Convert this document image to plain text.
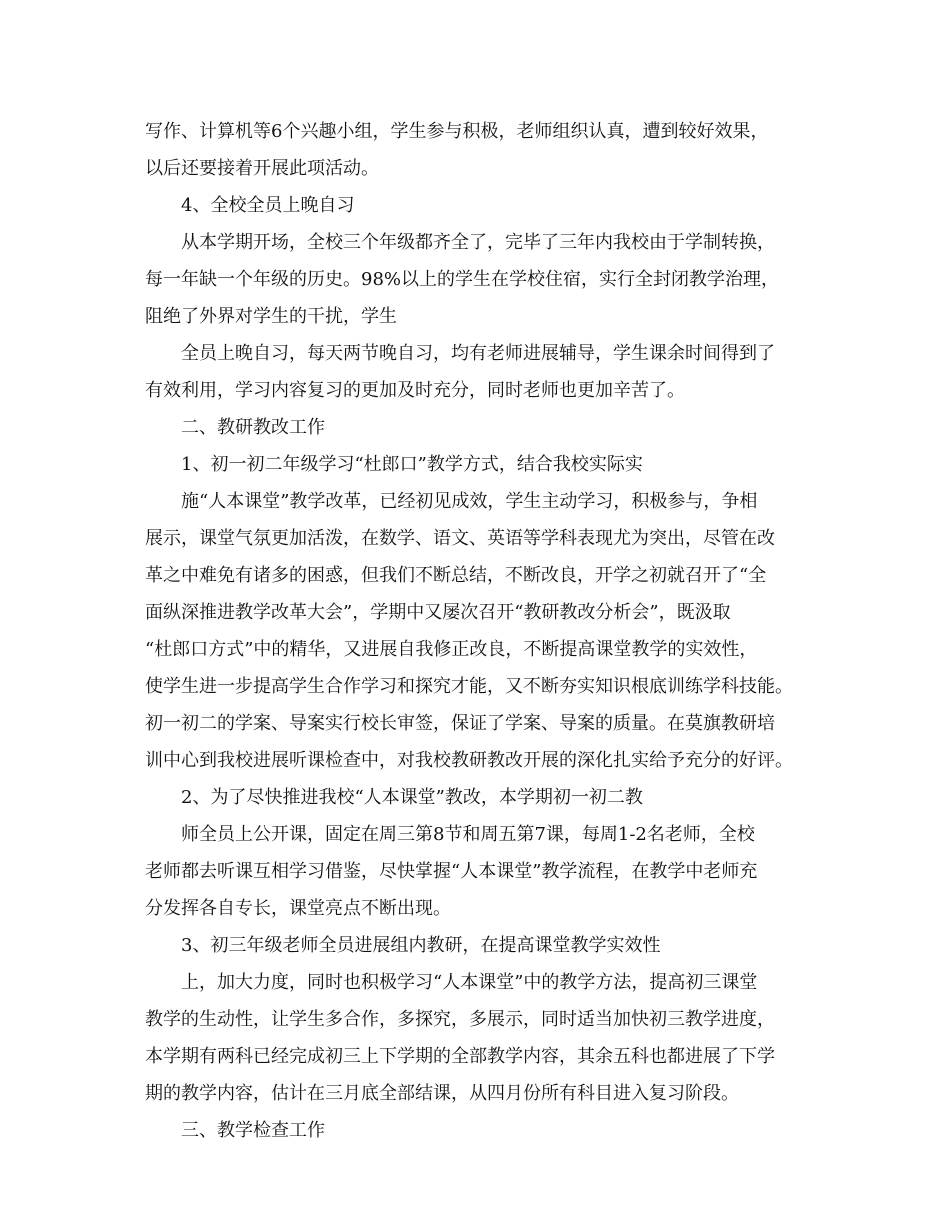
写作、计算机等6个兴趣小组，学生参与积极，老师组织认真，遭到较好效果，
以后还要接着开展此项活动。
4、全校全员上晚自习
从本学期开场，全校三个年级都齐全了，完毕了三年内我校由于学制转换，
每一年缺一个年级的历史。98%以上的学生在学校住宿，实行全封闭教学治理，
阻绝了外界对学生的干扰，学生
全员上晚自习，每天两节晚自习，均有老师进展辅导，学生课余时间得到了
有效利用，学习内容复习的更加及时充分，同时老师也更加辛苦了。
二、教研教改工作
1、初一初二年级学习“杜郎口”教学方式，结合我校实际实
施“人本课堂”教学改革，已经初见成效，学生主动学习，积极参与，争相
展示，课堂气氛更加活泼，在数学、语文、英语等学科表现尤为突出，尽管在改
革之中难免有诸多的困惑，但我们不断总结，不断改良，开学之初就召开了“全
面纵深推进教学改革大会”，学期中又屡次召开“教研教改分析会”，既汲取
“杜郎口方式”中的精华，又进展自我修正改良，不断提高课堂教学的实效性，
使学生进一步提高学生合作学习和探究才能，又不断夯实知识根底训练学科技能。
初一初二的学案、导案实行校长审签，保证了学案、导案的质量。在莫旗教研培
训中心到我校进展听课检查中，对我校教研教改开展的深化扎实给予充分的好评。
2、为了尽快推进我校“人本课堂”教改，本学期初一初二教
师全员上公开课，固定在周三第8节和周五第7课，每周1-2名老师，全校
老师都去听课互相学习借鉴，尽快掌握“人本课堂”教学流程，在教学中老师充
分发挥各自专长，课堂亮点不断出现。
3、初三年级老师全员进展组内教研，在提高课堂教学实效性
上，加大力度，同时也积极学习“人本课堂”中的教学方法，提高初三课堂
教学的生动性，让学生多合作，多探究，多展示，同时适当加快初三教学进度，
本学期有两科已经完成初三上下学期的全部教学内容，其余五科也都进展了下学
期的教学内容，估计在三月底全部结课，从四月份所有科目进入复习阶段。
三、教学检查工作
